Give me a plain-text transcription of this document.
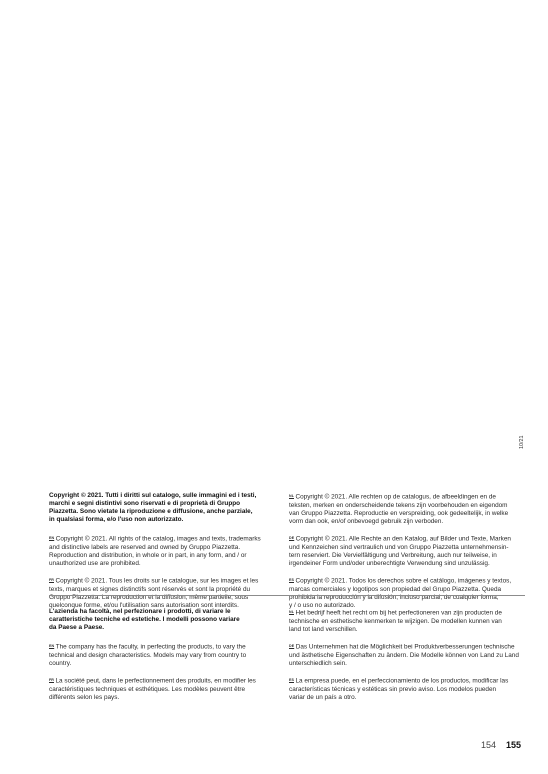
10/21

Copyright © 2021. Tutti i diritti sul catalogo, sulle immagini ed i testi,
marchi e segni distintivi sono riservati e di proprietà di Gruppo
Piazzetta. Sono vietate la riproduzione e diffusione, anche parziale,
in qualsiasi forma, e/o l'uso non autorizzato.

$^{EN}$ Copyright © 2021. All rights of the catalog, images and texts, trademarks
and distinctive labels are reserved and owned by Gruppo Piazzetta.
Reproduction and distribution, in whole or in part, in any form, and / or
unauthorized use are prohibited.

$^{FR}$ Copyright © 2021. Tous les droits sur le catalogue, sur les images et les
texts, marques et signes distinctifs sont réservés et sont la propriété du
Gruppo Piazzetta. La reproduction et la diffusion, même partielle, sous
quelconque forme, et/ou l'utilisation sans autorisation sont interdits.

$^{NL}$ Copyright © 2021. Alle rechten op de catalogus, de afbeeldingen en de
teksten, merken en onderscheidende tekens zijn voorbehouden en eigendom
van Gruppo Piazzetta. Reproductie en verspreiding, ook gedeeltelijk, in welke
vorm dan ook, en/of onbevoegd gebruik zijn verboden.

$^{DE}$ Copyright © 2021. Alle Rechte an den Katalog, auf Bilder und Texte, Marken
und Kennzeichen sind vertraulich und von Gruppo Piazzetta unternehmensin-
tern reserviert. Die Vervielfältigung und Verbreitung, auch nur teilweise, in
irgendeiner Form und/oder unberechtigte Verwendung sind unzulässig.

$^{ES}$ Copyright © 2021. Todos los derechos sobre el catálogo, imágenes y textos,
marcas comerciales y logotipos son propiedad del Grupo Piazzetta. Queda
prohibida la reproducción y la difusión, incluso parcial, de cualquier forma,
y / o uso no autorizado.

L'azienda ha facoltà, nel perfezionare i prodotti, di variare le
caratteristiche tecniche ed estetiche. I modelli possono variare
da Paese a Paese.

$^{EN}$ The company has the faculty, in perfecting the products, to vary the
technical and design characteristics. Models may vary from country to
country.

$^{FR}$ La société peut, dans le perfectionnement des produits, en modifier les
caractéristiques techniques et esthétiques. Les modèles peuvent être
différents selon les pays.

$^{NL}$ Het bedrijf heeft het recht om bij het perfectioneren van zijn producten de
technische en esthetische kenmerken te wijzigen. De modellen kunnen van
land tot land verschillen.

$^{DE}$ Das Unternehmen hat die Möglichkeit bei Produktverbesserungen technische
und ästhetische Eigenschaften zu ändern. Die Modelle können von Land zu Land
unterschiedlich sein.

$^{ES}$ La empresa puede, en el perfeccionamiento de los productos, modificar las
características técnicas y estéticas sin previo aviso. Los modelos pueden
variar de un país a otro.

154 155
